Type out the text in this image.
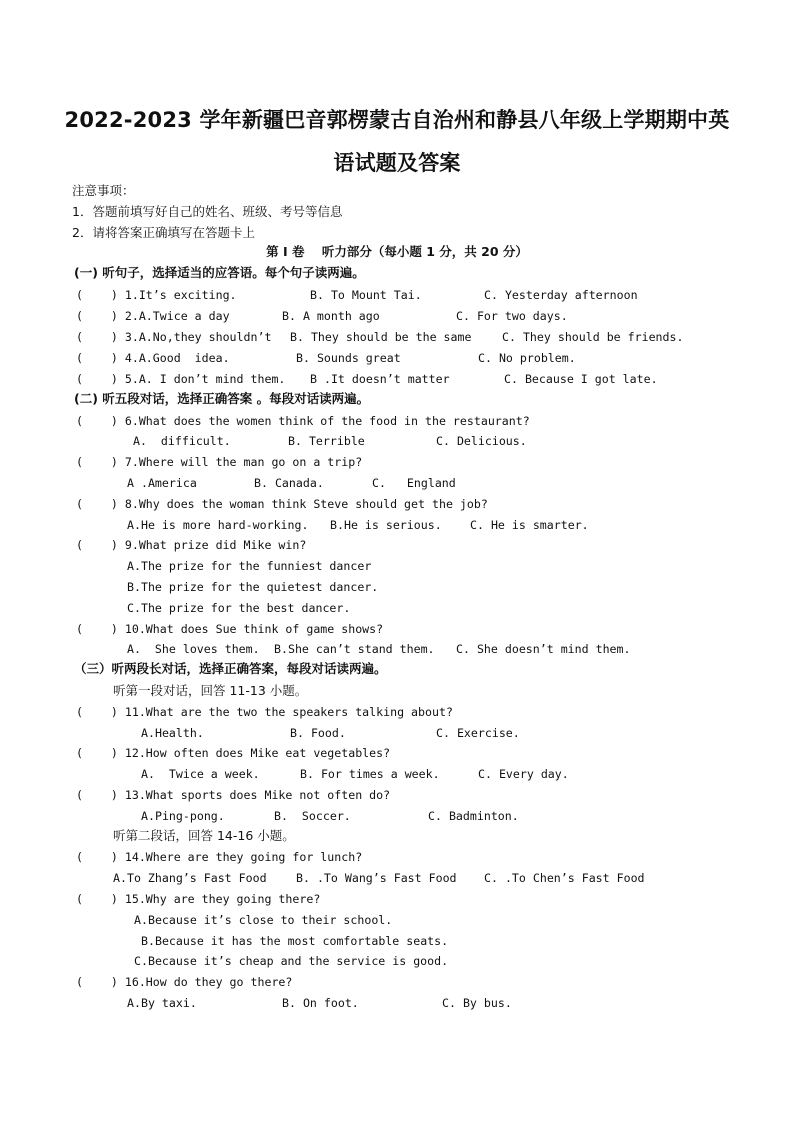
2022-2023 学年新疆巴音郭楞蒙古自治州和静县八年级上学期期中英
语试题及答案
注意事项：
1．答题前填写好自己的姓名、班级、考号等信息
2．请将答案正确填写在答题卡上
第 I 卷    听力部分（每小题 1 分，共 20 分）
(一) 听句子，选择适当的应答语。每个句子读两遍。
(    ) 1.It’s exciting.	B. To Mount Tai.	C. Yesterday afternoon
(    ) 2.A.Twice a day	B. A month ago	C. For two days.
(    ) 3.A.No,they shouldn’t B. They should be the same	C. They should be friends.
(    ) 4.A.Good  idea.	B. Sounds great	C. No problem.
(    ) 5.A. I don’t mind them. B .It doesn’t matter	C. Because I got late.
(二) 听五段对话，选择正确答案 。每段对话读两遍。
(    ) 6.What does the women think of the food in the restaurant?
A.  difficult.	B. Terrible	C. Delicious.
(    ) 7.Where will the man go on a trip?
A .America	B. Canada.	C.   England
(    ) 8.Why does the woman think Steve should get the job?
A.He is more hard-working. B.He is serious. C. He is smarter.
(    ) 9.What prize did Mike win?
A.The prize for the funniest dancer
B.The prize for the quietest dancer.
C.The prize for the best dancer.
(    ) 10.What does Sue think of game shows?
A.  She loves them. B.She can’t stand them. C. She doesn’t mind them.
（三）听两段长对话，选择正确答案，每段对话读两遍。
听第一段对话，回答 11-13 小题。
(    ) 11.What are the two the speakers talking about?
A.Health.	B. Food.	C. Exercise.
(    ) 12.How often does Mike eat vegetables?
A.  Twice a week.	B. For times a week.	C. Every day.
(    ) 13.What sports does Mike not often do?
A.Ping-pong.	B.  Soccer.	C. Badminton.
听第二段话，回答 14-16 小题。
(    ) 14.Where are they going for lunch?
A.To Zhang’s Fast Food	B. .To Wang’s Fast Food C. .To Chen’s Fast Food
(    ) 15.Why are they going there?
A.Because it’s close to their school.
B.Because it has the most comfortable seats.
C.Because it’s cheap and the service is good.
(    ) 16.How do they go there?
A.By taxi.	B. On foot.	C. By bus.
